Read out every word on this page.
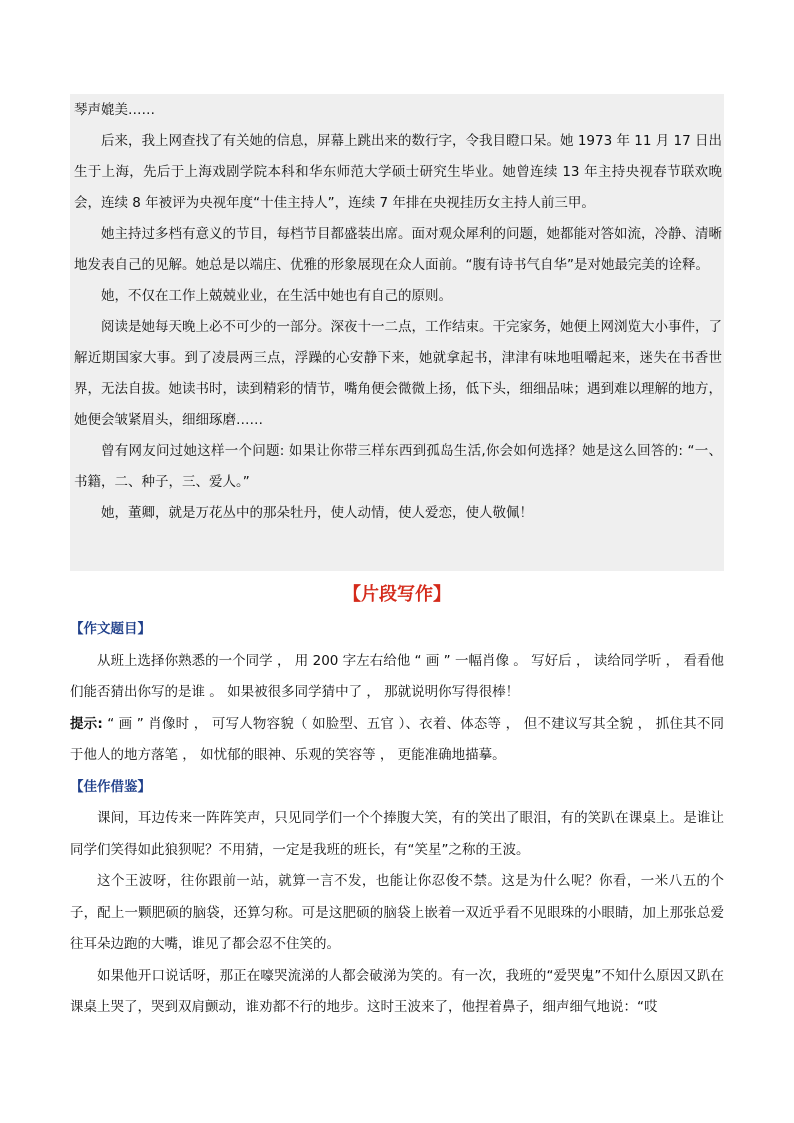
琴声媲美……

后来，我上网查找了有关她的信息，屏幕上跳出来的数行字，令我目瞪口呆。她 1973 年 11 月 17 日出生于上海，先后于上海戏剧学院本科和华东师范大学硕士研究生毕业。她曾连续 13 年主持央视春节联欢晚会，连续 8 年被评为央视年度“十佳主持人”，连续 7 年排在央视挂历女主持人前三甲。

她主持过多档有意义的节目，每档节目都盛装出席。面对观众犀利的问题，她都能对答如流，冷静、清晰地发表自己的见解。她总是以端庄、优雅的形象展现在众人面前。“腹有诗书气自华”是对她最完美的诠释。

她，不仅在工作上兢兢业业，在生活中她也有自己的原则。

阅读是她每天晚上必不可少的一部分。深夜十一二点，工作结束。干完家务，她便上网浏览大小事件，了解近期国家大事。到了凌晨两三点，浮躁的心安静下来，她就拿起书，津津有味地咀嚼起来，迷失在书香世界，无法自拔。她读书时，读到精彩的情节，嘴角便会微微上扬，低下头，细细品味；遇到难以理解的地方，她便会皱紧眉头，细细琢磨……

曾有网友问过她这样一个问题: 如果让你带三样东西到孤岛生活,你会如何选择？她是这么回答的: “一、书籍，二、种子，三、爱人。”

她，董卿，就是万花丛中的那朵牡丹，使人动情，使人爱恋，使人敬佩！

【片段写作】

【作文题目】

从班上选择你熟悉的一个同学 ， 用 200 字左右给他 “ 画 ” 一幅肖像 。 写好后 ， 读给同学听 ， 看看他们能否猜出你写的是谁 。 如果被很多同学猜中了 ， 那就说明你写得很棒！

提示: “ 画 ” 肖像时 ， 可写人物容貌（ 如脸型、五官 ）、衣着、体态等 ， 但不建议写其全貌 ， 抓住其不同于他人的地方落笔 ， 如忧郁的眼神、乐观的笑容等 ， 更能准确地描摹。

【佳作借鉴】

课间，耳边传来一阵阵笑声，只见同学们一个个捧腹大笑，有的笑出了眼泪，有的笑趴在课桌上。是谁让同学们笑得如此狼狈呢？不用猜，一定是我班的班长，有“笑星”之称的王波。

这个王波呀，往你跟前一站，就算一言不发，也能让你忍俊不禁。这是为什么呢？你看，一米八五的个子，配上一颗肥硕的脑袋，还算匀称。可是这肥硕的脑袋上嵌着一双近乎看不见眼珠的小眼睛，加上那张总爱往耳朵边跑的大嘴，谁见了都会忍不住笑的。

如果他开口说话呀，那正在嚎哭流涕的人都会破涕为笑的。有一次，我班的“爱哭鬼”不知什么原因又趴在课桌上哭了，哭到双肩颤动，谁劝都不行的地步。这时王波来了，他捏着鼻子，细声细气地说：“哎
